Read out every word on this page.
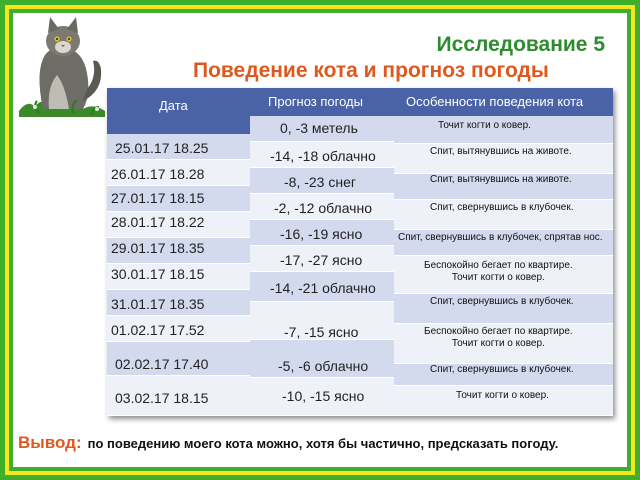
Исследование 5
Поведение кота и прогноз погоды
Дата
25.01.17 18.25
26.01.17 18.28
27.01.17 18.15
28.01.17 18.22
29.01.17 18.35
30.01.17 18.15
31.01.17 18.35
01.02.17 17.52
02.02.17 17.40
03.02.17 18.15
Прогноз погоды
0, -3 метель
-14, -18 облачно
-8, -23 снег
-2, -12 облачно
-16, -19 ясно
-17, -27 ясно
-14, -21 облачно
-7, -15 ясно
-5, -6 облачно
-10, -15 ясно
Особенности поведения кота
Точит когти о ковер.
Спит, вытянувшись на животе.
Спит, вытянувшись на животе.
Спит, свернувшись в клубочек.
Спит, свернувшись в клубочек, спрятав нос.
Беспокойно бегает по квартире.
Точит когти о ковер.
Спит, свернувшись в клубочек.
Беспокойно бегает по квартире.
Точит когти о ковер.
Спит, свернувшись в клубочек.
Точит когти о ковер.
Вывод: по поведению моего кота можно, хотя бы частично, предсказать погоду.
